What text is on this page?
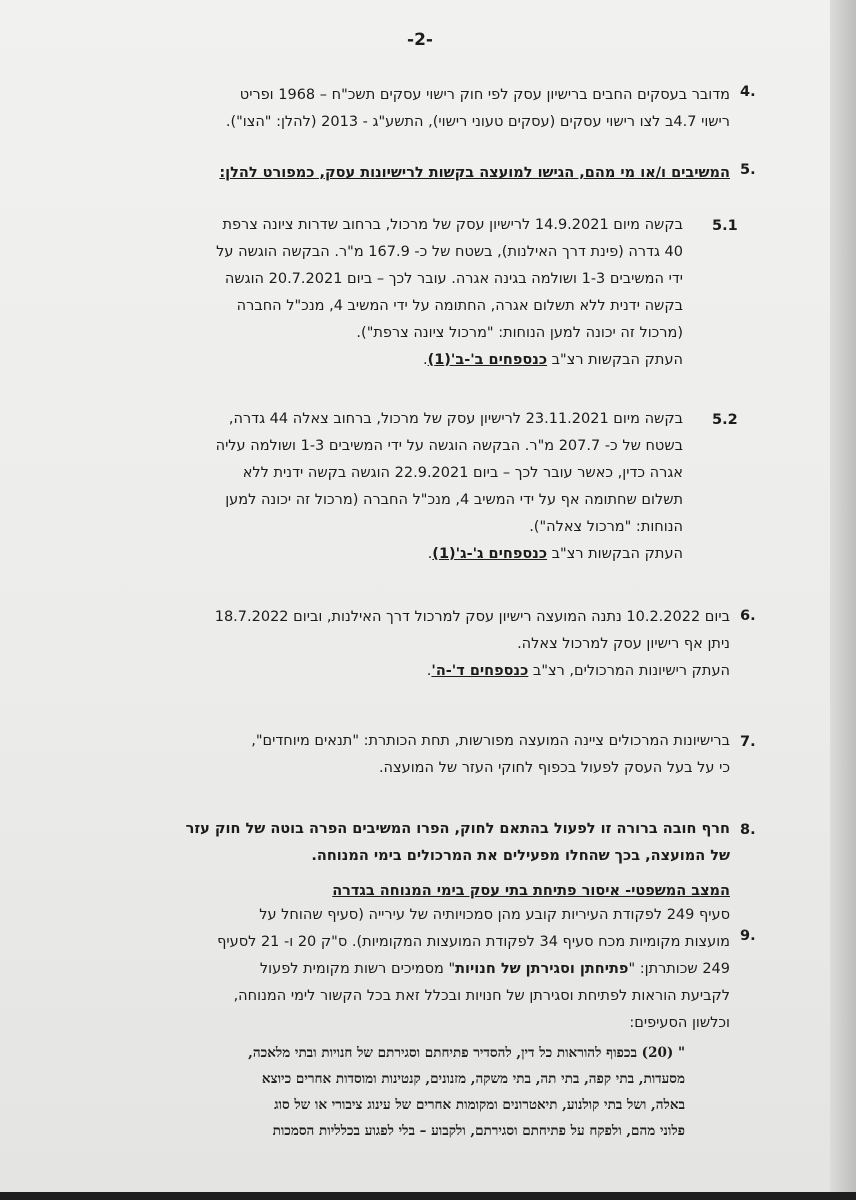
-2-
4.
מדובר בעסקים החבים ברישיון עסק לפי חוק רישוי עסקים תשכ"ח – 1968 ופריט
רישוי 4.7ב לצו רישוי עסקים (עסקים טעוני רישוי), התשע"ג - 2013 (להלן: "הצו").
5.
המשיבים ו/או מי מהם, הגישו למועצה בקשות לרישיונות עסק, כמפורט להלן:
5.1
בקשה מיום 14.9.2021 לרישיון עסק של מרכול, ברחוב שדרות ציונה צרפת
40 גדרה (פינת דרך האילנות), בשטח של כ- 167.9 מ"ר. הבקשה הוגשה על
ידי המשיבים 1-3 ושולמה בגינה אגרה. עובר לכך – ביום 20.7.2021 הוגשה
בקשה ידנית ללא תשלום אגרה, החתומה על ידי המשיב 4, מנכ"ל החברה
(מרכול זה יכונה למען הנוחות: "מרכול ציונה צרפת").
העתק הבקשות רצ"ב כנספחים ב'-ב'(1).
5.2
בקשה מיום 23.11.2021 לרישיון עסק של מרכול, ברחוב צאלה 44 גדרה,
בשטח של כ- 207.7 מ"ר. הבקשה הוגשה על ידי המשיבים 1-3 ושולמה עליה
אגרה כדין, כאשר עובר לכך – ביום 22.9.2021 הוגשה בקשה ידנית ללא
תשלום שחתומה אף על ידי המשיב 4, מנכ"ל החברה (מרכול זה יכונה למען
הנוחות: "מרכול צאלה").
העתק הבקשות רצ"ב כנספחים ג'-ג'(1).
6.
ביום 10.2.2022 נתנה המועצה רישיון עסק למרכול דרך האילנות, וביום 18.7.2022
ניתן אף רישיון עסק למרכול צאלה.
העתק רישיונות המרכולים, רצ"ב כנספחים ד'-ה'.
7.
ברישיונות המרכולים ציינה המועצה מפורשות, תחת הכותרת: "תנאים מיוחדים",
כי על בעל העסק לפעול בכפוף לחוקי העזר של המועצה.
8.
חרף חובה ברורה זו לפעול בהתאם לחוק, הפרו המשיבים הפרה בוטה של חוק עזר
של המועצה, בכך שהחלו מפעילים את המרכולים בימי המנוחה.
המצב המשפטי- איסור פתיחת בתי עסק בימי המנוחה בגדרה
9.
סעיף 249 לפקודת העיריות קובע מהן סמכויותיה של עירייה (סעיף שהוחל על
מועצות מקומיות מכח סעיף 34 לפקודת המועצות המקומיות). ס"ק 20 ו- 21 לסעיף
249 שכותרתן: "פתיחתן וסגירתן של חנויות" מסמיכים רשות מקומית לפעול
לקביעת הוראות לפתיחת וסגירתן של חנויות ובכלל זאת בכל הקשור לימי המנוחה,
וכלשון הסעיפים:
" (20) בכפוף להוראות כל דין, להסדיר פתיחתם וסגירתם של חנויות ובתי מלאכה,
מסעדות, בתי קפה, בתי תה, בתי משקה, מזנונים, קנטינות ומוסדות אחרים כיוצא
באלה, ושל בתי קולנוע, תיאטרונים ומקומות אחרים של עינוג ציבורי או של סוג
פלוני מהם, ולפקח על פתיחתם וסגירתם, ולקבוע – בלי לפגוע בכלליות הסמכות
